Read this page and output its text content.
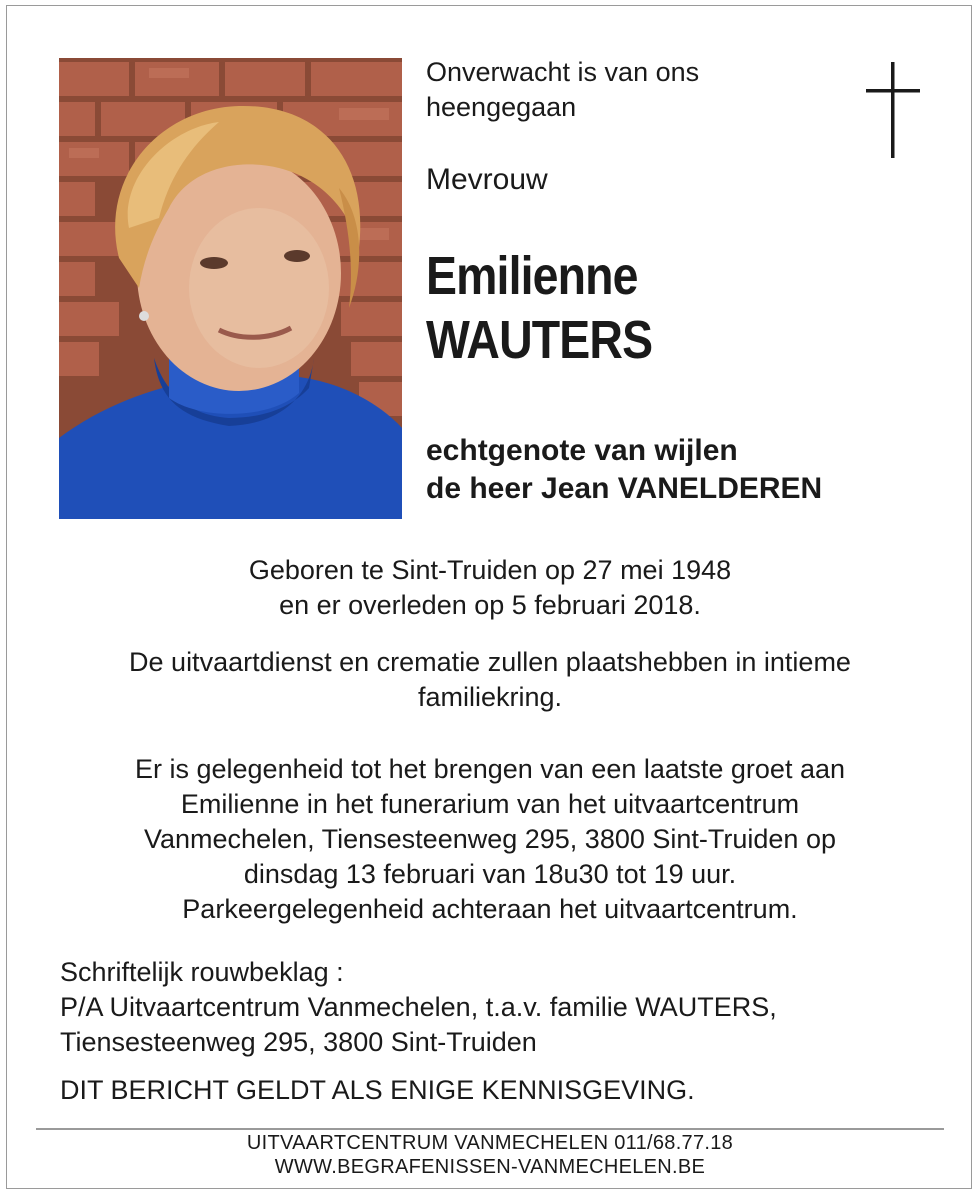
Onverwacht is van ons
heengegaan
Mevrouw
Emilienne
WAUTERS
echtgenote van wijlen
de heer Jean VANELDEREN
Geboren te Sint-Truiden op 27 mei 1948
en er overleden op 5 februari 2018.
De uitvaartdienst en crematie zullen plaatshebben in intieme
familiekring.
Er is gelegenheid tot het brengen van een laatste groet aan
Emilienne in het funerarium van het uitvaartcentrum
Vanmechelen, Tiensesteenweg 295, 3800 Sint-Truiden op
dinsdag 13 februari van 18u30 tot 19 uur.
Parkeergelegenheid achteraan het uitvaartcentrum.
Schriftelijk rouwbeklag :
P/A Uitvaartcentrum Vanmechelen, t.a.v. familie WAUTERS,
Tiensesteenweg 295, 3800 Sint-Truiden
DIT BERICHT GELDT ALS ENIGE KENNISGEVING.
UITVAARTCENTRUM VANMECHELEN 011/68.77.18
WWW.BEGRAFENISSEN-VANMECHELEN.BE
